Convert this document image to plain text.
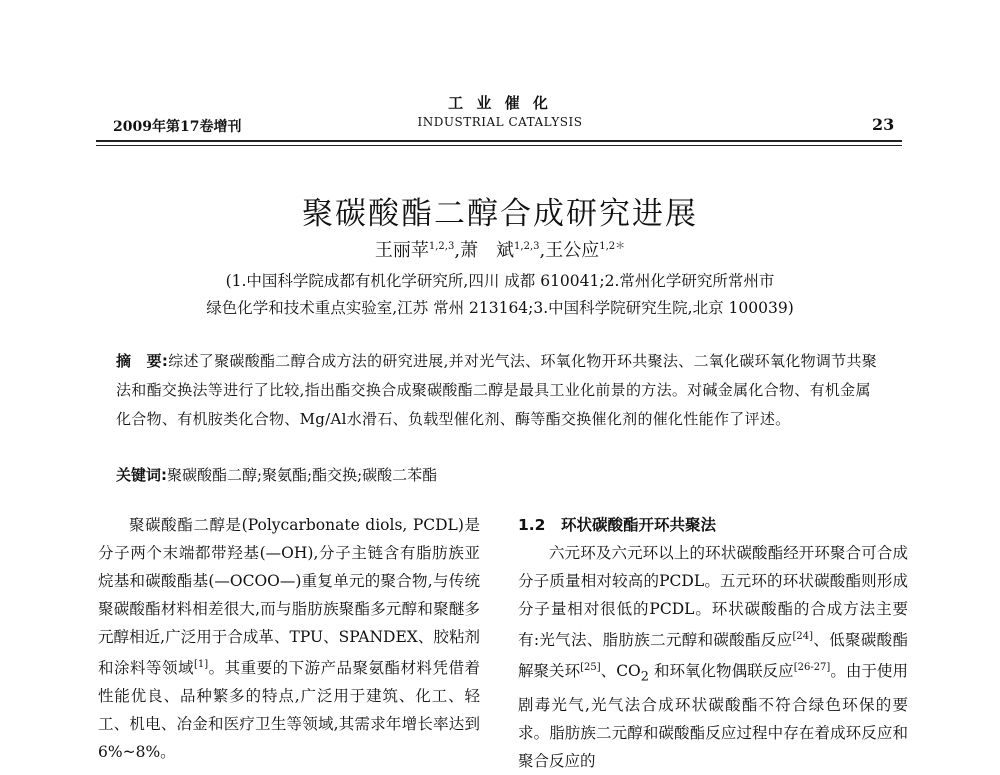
2009年第17卷增刊
工 业 催 化
INDUSTRIAL CATALYSIS	23
聚碳酸酯二醇合成研究进展
王丽苹$^{1,2,3}$,萧　斌$^{1,2,3}$,王公应$^{1,2*}$
(1.中国科学院成都有机化学研究所,四川 成都 610041;2.常州化学研究所常州市
绿色化学和技术重点实验室,江苏 常州 213164;3.中国科学院研究生院,北京 100039)
摘　要:综述了聚碳酸酯二醇合成方法的研究进展,并对光气法、环氧化物开环共聚法、二氧化碳环氧化物调节共聚法和酯交换法等进行了比较,指出酯交换合成聚碳酸酯二醇是最具工业化前景的方法。对碱金属化合物、有机金属化合物、有机胺类化合物、Mg/Al水滑石、负载型催化剂、酶等酯交换催化剂的催化性能作了评述。
关键词:聚碳酸酯二醇;聚氨酯;酯交换;碳酸二苯酯
聚碳酸酯二醇是(Polycarbonate diols, PCDL)是分子两个末端都带羟基(—OH),分子主链含有脂肪族亚烷基和碳酸酯基(—OCOO—)重复单元的聚合物,与传统聚碳酸酯材料相差很大,而与脂肪族聚酯多元醇和聚醚多元醇相近,广泛用于合成革、TPU、SPANDEX、胶粘剂和涂料等领域[1]。其重要的下游产品聚氨酯材料凭借着性能优良、品种繁多的特点,广泛用于建筑、化工、轻工、机电、冶金和医疗卫生等领域,其需求年增长率达到6%~8%。
1.2　环状碳酸酯开环共聚法
六元环及六元环以上的环状碳酸酯经开环聚合可合成分子质量相对较高的PCDL。五元环的环状碳酸酯则形成分子量相对很低的PCDL。环状碳酸酯的合成方法主要有:光气法、脂肪族二元醇和碳酸酯反应[24]、低聚碳酸酯解聚关环[25]、$CO_2$ 和环氧化物偶联反应[26-27]。由于使用剧毒光气,光气法合成环状碳酸酯不符合绿色环保的要求。脂肪族二元醇和碳酸酯反应过程中存在着成环反应和聚合反应的
